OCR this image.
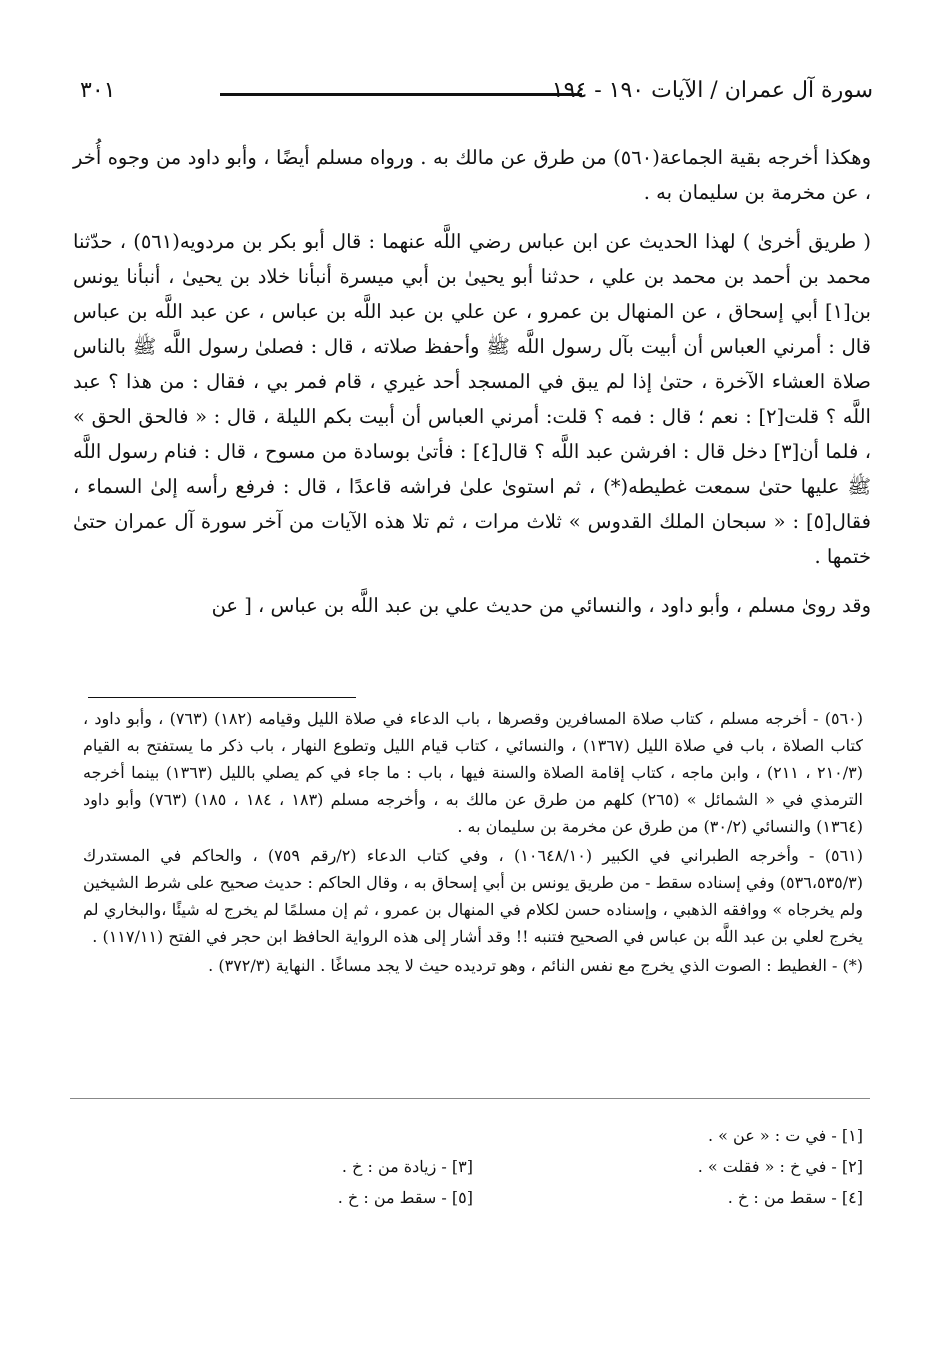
سورة آل عمران / الآيات ١٩٠ - ١٩٤
٣٠١

وهكذا أخرجه بقية الجماعة(٥٦٠) من طرق عن مالك به . ورواه مسلم أيضًا ، وأبو داود من وجوه أُخر ، عن مخرمة بن سليمان به .

( طريق أخرىٰ ) لهذا الحديث عن ابن عباس رضي اللَّه عنهما : قال أبو بكر بن مردويه(٥٦١) ، حدّثنا محمد بن أحمد بن محمد بن علي ، حدثنا أبو يحيىٰ بن أبي ميسرة أنبأنا خلاد بن يحيىٰ ، أنبأنا يونس بن[١] أبي إسحاق ، عن المنهال بن عمرو ، عن علي بن عبد اللَّه بن عباس ، عن عبد اللَّه بن عباس قال : أمرني العباس أن أبيت بآل رسول اللَّه ﷺ وأحفظ صلاته ، قال : فصلىٰ رسول اللَّه ﷺ بالناس صلاة العشاء الآخرة ، حتىٰ إذا لم يبق في المسجد أحد غيري ، قام فمر بي ، فقال : من هذا ؟ عبد اللَّه ؟ قلت[٢] : نعم ؛ قال : فمه ؟ قلت: أمرني العباس أن أبيت بكم الليلة ، قال : « فالحق الحق » ، فلما أن[٣] دخل قال : افرشن عبد اللَّه ؟ قال[٤] : فأتىٰ بوسادة من مسوح ، قال : فنام رسول اللَّه ﷺ عليها حتىٰ سمعت غطيطه(*) ، ثم استوىٰ علىٰ فراشه قاعدًا ، قال : فرفع رأسه إلىٰ السماء ، فقال[٥] : « سبحان الملك القدوس » ثلاث مرات ، ثم تلا هذه الآيات من آخر سورة آل عمران حتىٰ ختمها .

وقد روىٰ مسلم ، وأبو داود ، والنسائي من حديث علي بن عبد اللَّه بن عباس ، [ عن

(٥٦٠) - أخرجه مسلم ، كتاب صلاة المسافرين وقصرها ، باب الدعاء في صلاة الليل وقيامه (١٨٢) (٧٦٣) ، وأبو داود ، كتاب الصلاة ، باب في صلاة الليل (١٣٦٧) ، والنسائي ، كتاب قيام الليل وتطوع النهار ، باب ذكر ما يستفتح به القيام (٢١٠/٣ ، ٢١١) ، وابن ماجه ، كتاب إقامة الصلاة والسنة فيها ، باب : ما جاء في كم يصلي بالليل (١٣٦٣) بينما أخرجه الترمذي في « الشمائل » (٢٦٥) كلهم من طرق عن مالك به ، وأخرجه مسلم (١٨٣ ، ١٨٤ ، ١٨٥) (٧٦٣) وأبو داود (١٣٦٤) والنسائي (٣٠/٢) من طرق عن مخرمة بن سليمان به .

(٥٦١) - وأخرجه الطبراني في الكبير (١٠٦٤٨/١٠) ، وفي كتاب الدعاء (٢/رقم ٧٥٩) ، والحاكم في المستدرك (٥٣٦،٥٣٥/٣) وفي إسناده سقط - من طريق يونس بن أبي إسحاق به ، وقال الحاكم : حديث صحيح على شرط الشيخين ولم يخرجاه » ووافقه الذهبي ، وإسناده حسن لكلام في المنهال بن عمرو ، ثم إن مسلمًا لم يخرج له شيئًا ،والبخاري لم يخرج لعلي بن عبد اللَّه بن عباس في الصحيح فتنبه !! وقد أشار إلى هذه الرواية الحافظ ابن حجر في الفتح (١١٧/١١) .

(*) - الغطيط : الصوت الذي يخرج مع نفس النائم ، وهو ترديده حيث لا يجد مساغًا . النهاية (٣٧٢/٣) .

[١] - في ت : « عن » .
[٢] - في خ : « فقلت » .
[٣] - زيادة من : خ .
[٤] - سقط من : خ .
[٥] - سقط من : خ .
